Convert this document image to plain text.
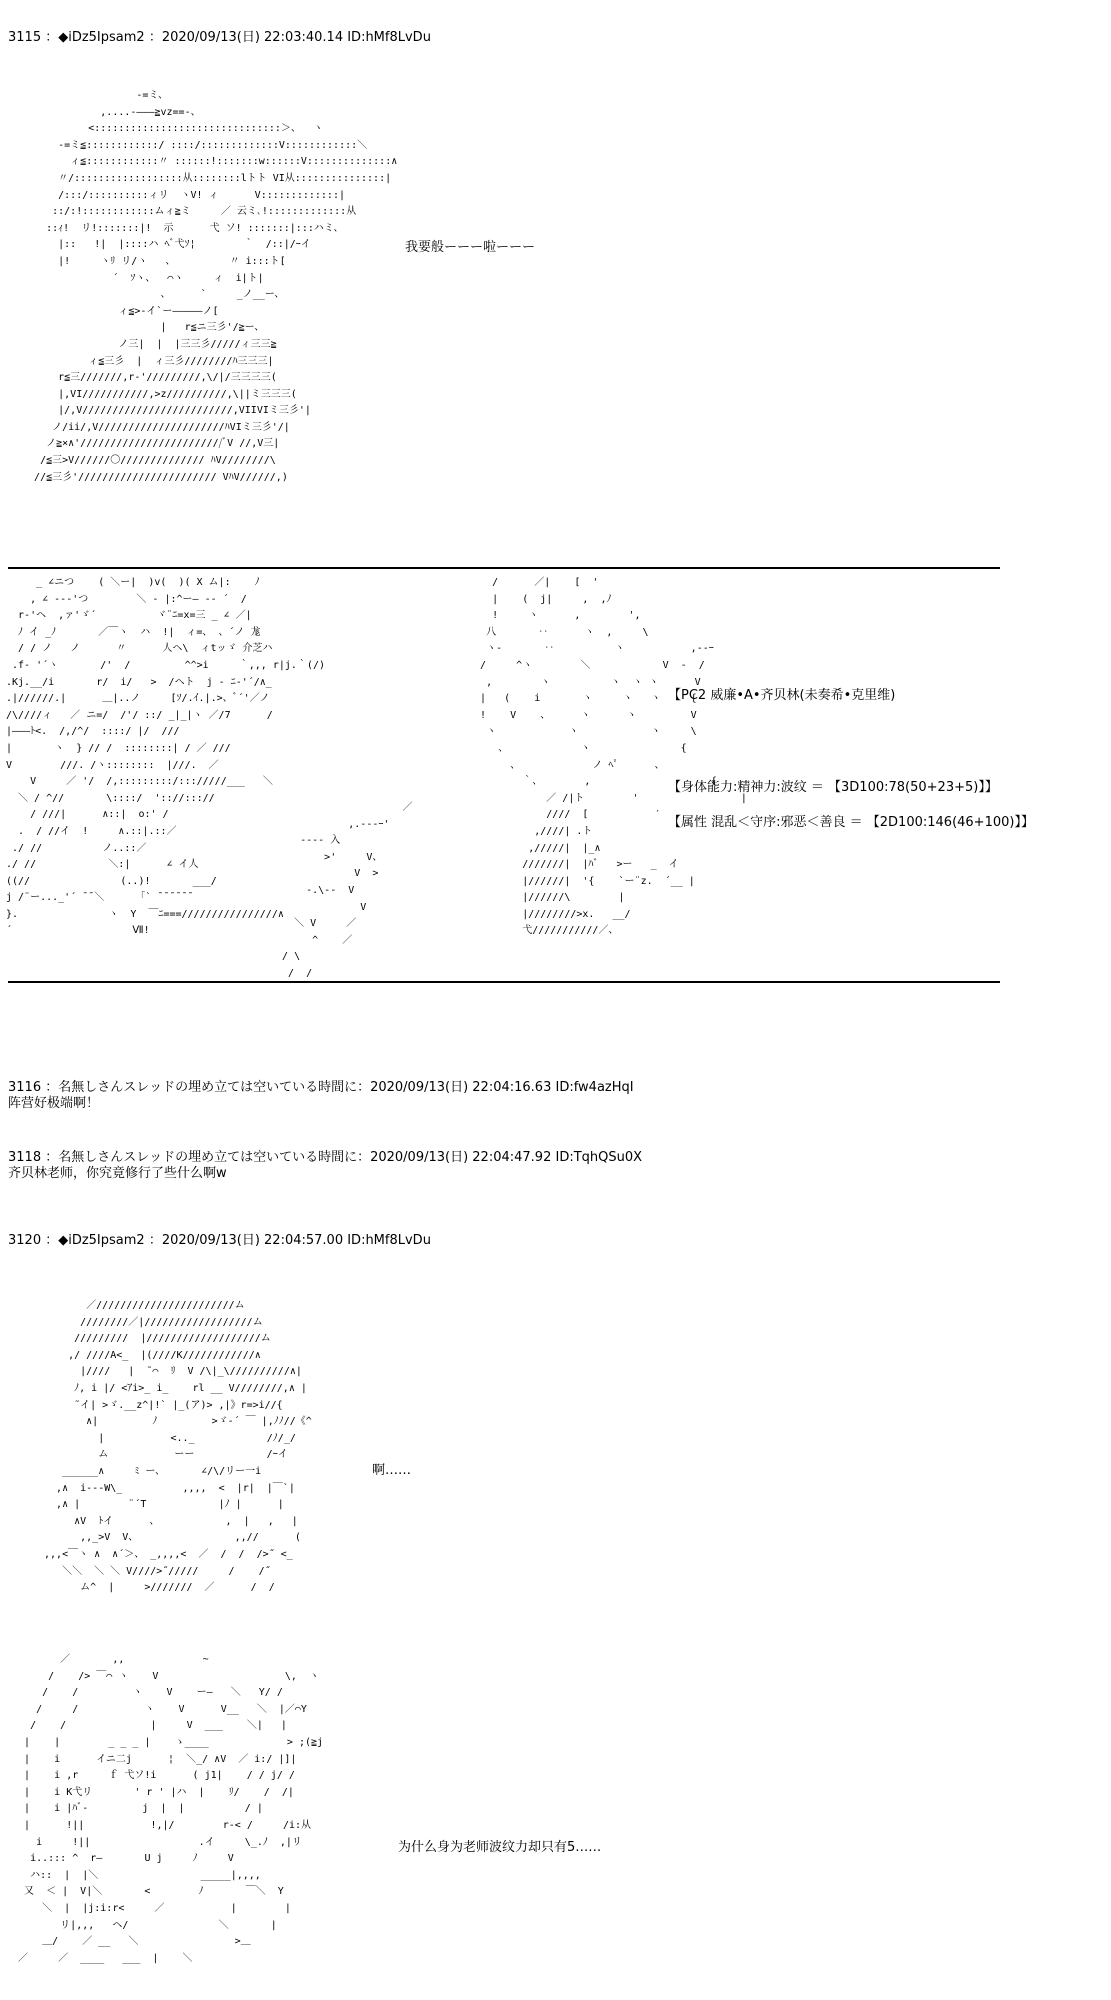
3115 ：◆iDz5Ipsam2 ：2020/09/13(日) 22:03:40.14 ID:hMf8LvDu
-=ミ、
,....-―――≧vz==-、
<:::::::::::::::::::::::::::::::＞、  ヽ
-=ミ≦::::::::::::/ ::::/:::::::::::::V::::::::::::＼
ィ≦::::::::::::〃 ::::::!:::::::w::::::V::::::::::::::∧
〃/::::::::::::::::::从::::::::lトト VI从:::::::::::::::|
/:::/::::::::::ィリ  ヽV! ィ      V:::::::::::::|
::/:!::::::::::::ムィ≧ミ     ／ 云ミ､!:::::::::::::从
::ｨ!  リ!:::::::|!  示      弋 ソ! :::::::|:::ハミ、
|::   !|  |::::ハ ﾍﾞ弋ｿ¦        ｀  /::|/ｰイ
|!     ヽﾘ リ/ヽ   、         〃 i:::ト[
´  ｿヽ、  ⌒ヽ     ィ  i|ト|
、     `     _ノ__ー、
ィ≦>-イ`ー―――――ノ[
|   r≦ニ三彡'/≧ー、
ノ三|  |  |三三彡/////ィ三三≧
ィ≦三彡  |  ィ三彡////////ﾊ三三三|
r≦三///////,r-'/////////,\/|/三三三三(
|,VI///////////,>z//////////,\||ミ三三三(
|/,V/////////////////////////,VIIVIミ三彡'|
ノ/ii/,V/////////////////////ﾊVIミ三彡'/|
ノ≧×∧'////////////////////////ﾞV //,V三|
/≦三>V//////〇////////////// ﾊV////////\
//≦三彡'/////////////////////// VﾊV//////,)
我要般ーーー啦ーーー
_ ∠ニつ    ( ＼ー|  )v(  )( X ム|:    ﾉ
, ∠ ---'つ        ＼ ‐ |:^ー― -‐ ´  /
r‐'ヘ  ,ァ'ゞ´          ヾ¨ﾆ=x=三 _ ∠ ／|
ﾉ イ _ﾉ       ／￣ヽ  ハ  !|  ィ=、 、´ノ 尨
/ / ノ   ノ      〃      人ヘ\  ィtッゞ 介芝ハ
.f‐ '´ヽ       /'  /         ^^>i     ｀,,, r|j.｀(/)
.Kj.__/i       r/  i/   >  /ヘト  j ‐ ﾆ-'´/∧_
.|//////.|      ＿|..ノ     [ｿ/.ｲ.|.>、ﾞ´'／ノ
/\////ィ   ／ ニ=/  /'/ ::/ _|_|ヽ ／/7      /
|―――ﾄ<.  /,/^/  ::::/ |/  ///
|       ヽ  } // /  ::::::::| / ／ ///
V        ///. /ヽ::::::::  |///.  ／
V     ／ '/  /,:::::::::/::://///___   ＼
＼ / ^//       \::::/  ':://::://
/ ///|      ∧::|  o:' /
.  / //イ  !     ∧.::|.::／
./ //          ノ..::／
./ //            ＼:|      ∠ イ人
((//               (..)!       ___/
j /¨ー..._'´ ̄ ̄ ＼      ｢` ̄ ̄ ̄ ̄ ̄ ̄
}.               ヽ  Y  ￣ﾆ===////////////////∧
´                    Ⅶ!
／
,.---ｰ'
---- 入
>'     V、
V  >
-.\--  V
V
＼ V     ／
^    ／
/ \
/  /
/      ／|    [  '
|    (  j|     ,  ,ﾉ
!     ヽ      ,        ',
八       ‥      ヽ  ,     \
ヽ‐       ‥          ヽ           ,--ｰ
/     ^ヽ        ＼            V  -  /
,        ヽ          ヽ  ヽ ヽ      V
|   (    i       ヽ     ヽ   ヽ     {
!    V    、     ヽ      ヽ         V
ヽ            ヽ            ヽ     \
、            ヽ               {
、            ノ ﾍﾟ      、
｀、       ,                    {
／ /|ト        '                 |
////  [           ′
,////| .ト
,/////|  |_∧
///////|  |ﾊﾞ   >ー   _  イ
|//////|  '{    `ー¨z.  ´__ |
|//////\        |
|////////>x.   __/
弋///////////／、
【PC2 威廉•A•齐贝林(未奏希•克里维)
【身体能力:精神力:波纹 ＝ 【3D100:78(50+23+5)】】
【属性 混乱＜守序:邪恶＜善良 ＝ 【2D100:146(46+100)】】
3116 ：名無しさんスレッドの埋め立ては空いている時間に：2020/09/13(日) 22:04:16.63 ID:fw4azHqI
阵营好极端啊！
3118 ：名無しさんスレッドの埋め立ては空いている時間に：2020/09/13(日) 22:04:47.92 ID:TqhQSu0X
齐贝林老师，你究竟修行了些什么啊w
3120 ：◆iDz5Ipsam2 ：2020/09/13(日) 22:04:57.00 ID:hMf8LvDu
／///////////////////////ム
////////／|//////////////////ム
/////////  |///////////////////ム
,/ ////A<_  |(////K////////////∧
|////   |  ˜⌒  ﾘ  V /\|_\//////////∧|
ﾉ, i |/ <ｱi>_ i_    rl __ V////////,∧ |
˜イ| >ゞ.__z^|!` |_(ア)> ,|》r=>i//{
∧|         ﾉ         >ゞ-´ ￣ |,ﾉﾉ//《^
|           <.._            /ﾉ/_/
ム           ーー            /ｰイ
______∧     ﾐ ー、      ∠/\/リー一i
,∧  i‐‐‐W\_          ,,,,  <  |r|  |￣`|
,∧ |        ¨´T            |ﾉ |      |
∧V  ﾄイ      、           ,  |   ,   |
,,_>V  V、                ,,//      (
,,,<￣ヽ ∧  ∧´＞、 _,,,,<  ／  /  /  />˝ <_
＼＼  ＼ ＼ V////>˝/////     /    /˝
ム^  |     >///////  ／      /  /
啊……
／       ,,             ~
/    /> ￣⌒ ヽ    V                     \,  ヽ
/    /         ヽ    V    ー―   ＼   Y/ /
/     /           ヽ    V      V__   ＼  |／⌒Y
/    /              |     V  ___    ＼|   |
|    |        _ _ _ |    ゝ____             > ;(≧j
|    i      イニ二j      ¦  ＼_/ ∧V  ／ i:/ |]|
|    i ,r     ｆ 弋ソ!i      ( j1|    / / j/ /
|    i K弋リ       ' r ' |ハ  |    ﾘ/    /  /|
|    i |ﾊﾞ‐         j  |  |          / |
|      !||           !,|/        r‐< /     /i:从
i     !||                  .イ     \_.ﾉ  ,|リ
i..::: ^  r―       U j     ﾉ     V
ハ::  |  |＼                 _____|,,,,
又  ＜ |  V|＼       <        ﾉ       ￣＼  Y
＼  |  |j:i:r<     ／           |        |
リ|,,,   ヘ/               ＼       |
＿/    ／ __   ＼                >＿
／     ／  ____   ___  |    ＼
为什么身为老师波纹力却只有5……
